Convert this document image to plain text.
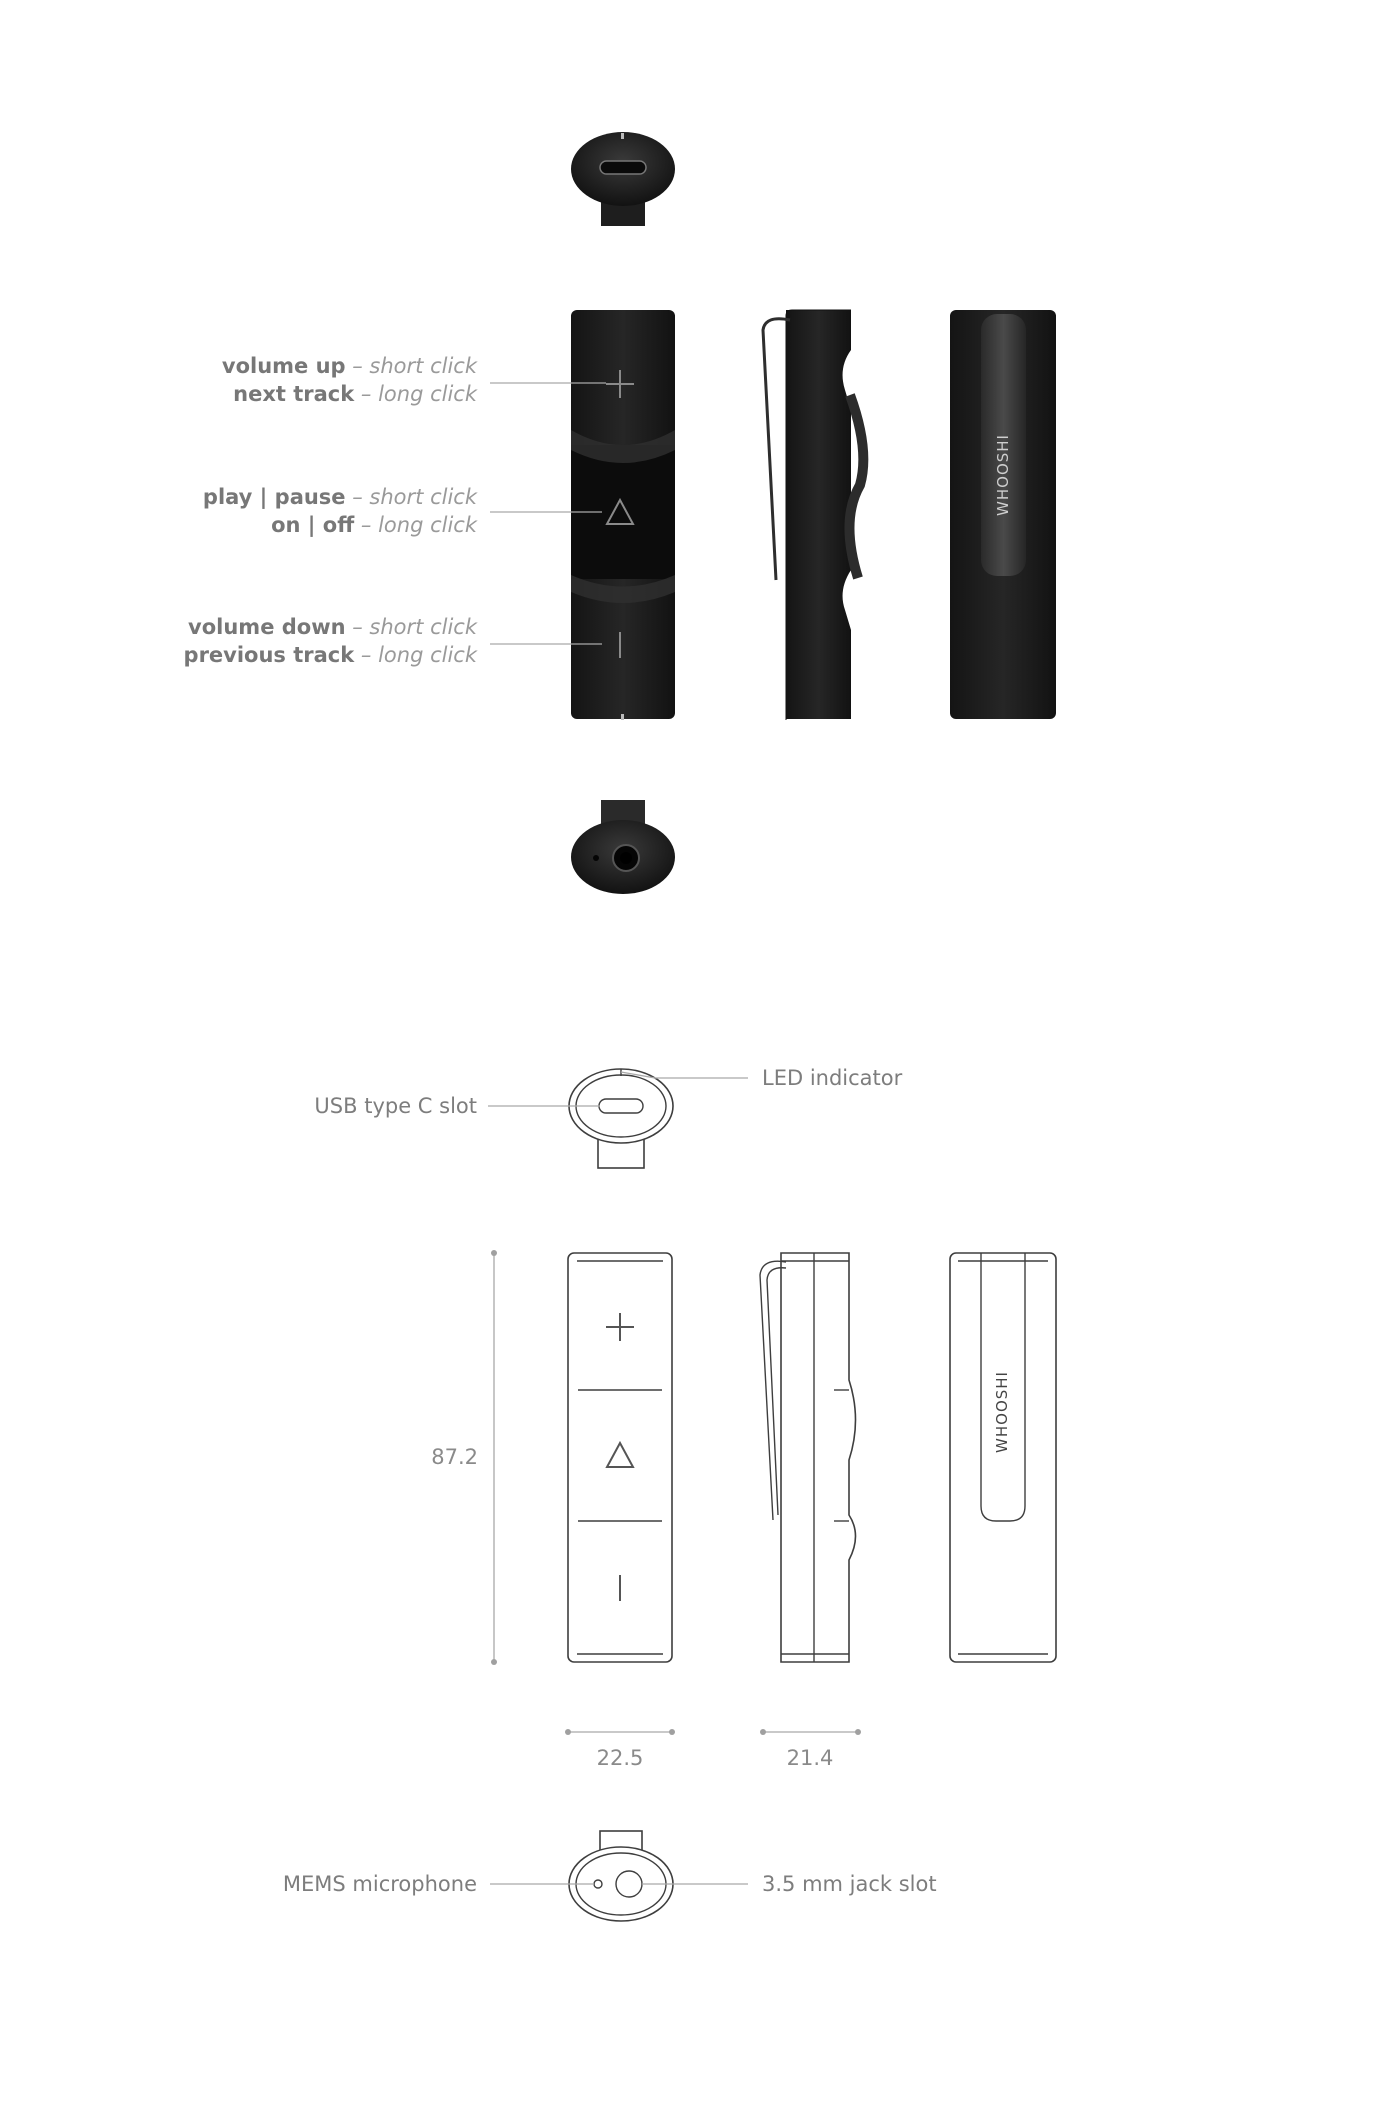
WHOOSHI
volume up – short click
next track – long click
play | pause – short click
on | off – long click
volume down – short click
previous track – long click
USB type C slot
LED indicator
WHOOSHI
87.2
22.5	21.4
MEMS microphone	3.5 mm jack slot
